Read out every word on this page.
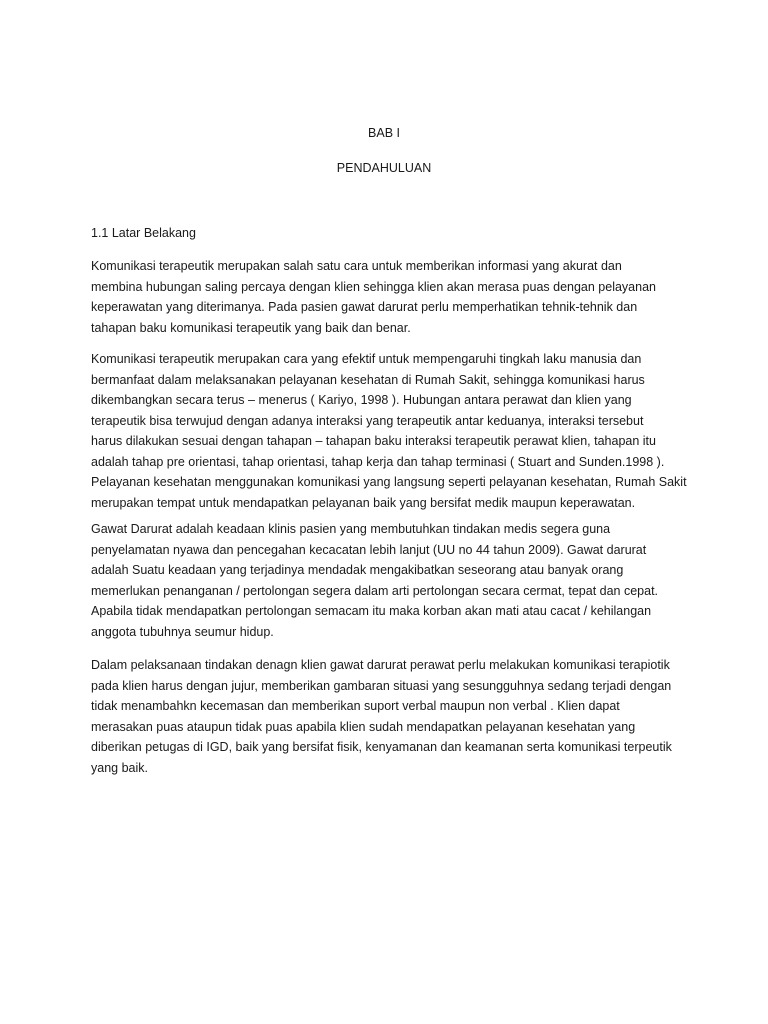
BAB I
PENDAHULUAN
1.1 Latar Belakang
Komunikasi terapeutik merupakan salah satu cara untuk memberikan informasi yang akurat dan
membina hubungan saling percaya dengan klien sehingga klien akan merasa puas dengan pelayanan
keperawatan yang diterimanya. Pada pasien gawat darurat perlu memperhatikan tehnik-tehnik dan
tahapan baku komunikasi terapeutik yang baik dan benar.
Komunikasi terapeutik merupakan cara yang efektif untuk mempengaruhi tingkah laku manusia dan
bermanfaat dalam melaksanakan pelayanan kesehatan di Rumah Sakit, sehingga komunikasi harus
dikembangkan secara terus – menerus ( Kariyo, 1998 ). Hubungan antara perawat dan klien yang
terapeutik bisa terwujud dengan adanya interaksi yang terapeutik antar keduanya, interaksi tersebut
harus dilakukan sesuai dengan tahapan – tahapan baku interaksi terapeutik perawat klien, tahapan itu
adalah tahap pre orientasi, tahap orientasi, tahap kerja dan tahap terminasi ( Stuart and Sunden.1998 ).
Pelayanan kesehatan menggunakan komunikasi yang langsung seperti pelayanan kesehatan, Rumah Sakit
merupakan tempat untuk mendapatkan pelayanan baik yang bersifat medik maupun keperawatan.
Gawat Darurat adalah keadaan klinis pasien yang membutuhkan tindakan medis segera guna
penyelamatan nyawa dan pencegahan kecacatan lebih lanjut (UU no 44 tahun 2009). Gawat darurat
adalah Suatu keadaan yang terjadinya mendadak mengakibatkan seseorang atau banyak orang
memerlukan penanganan / pertolongan segera dalam arti pertolongan secara cermat, tepat dan cepat.
Apabila tidak mendapatkan pertolongan semacam itu maka korban akan mati atau cacat / kehilangan
anggota tubuhnya seumur hidup.
Dalam pelaksanaan tindakan denagn klien gawat darurat perawat perlu melakukan komunikasi terapiotik
pada klien harus dengan jujur, memberikan gambaran situasi yang sesungguhnya sedang terjadi dengan
tidak menambahkn kecemasan dan memberikan suport verbal maupun non verbal . Klien dapat
merasakan puas ataupun tidak puas apabila klien sudah mendapatkan pelayanan kesehatan yang
diberikan petugas di IGD, baik yang bersifat fisik, kenyamanan dan keamanan serta komunikasi terpeutik
yang baik.
